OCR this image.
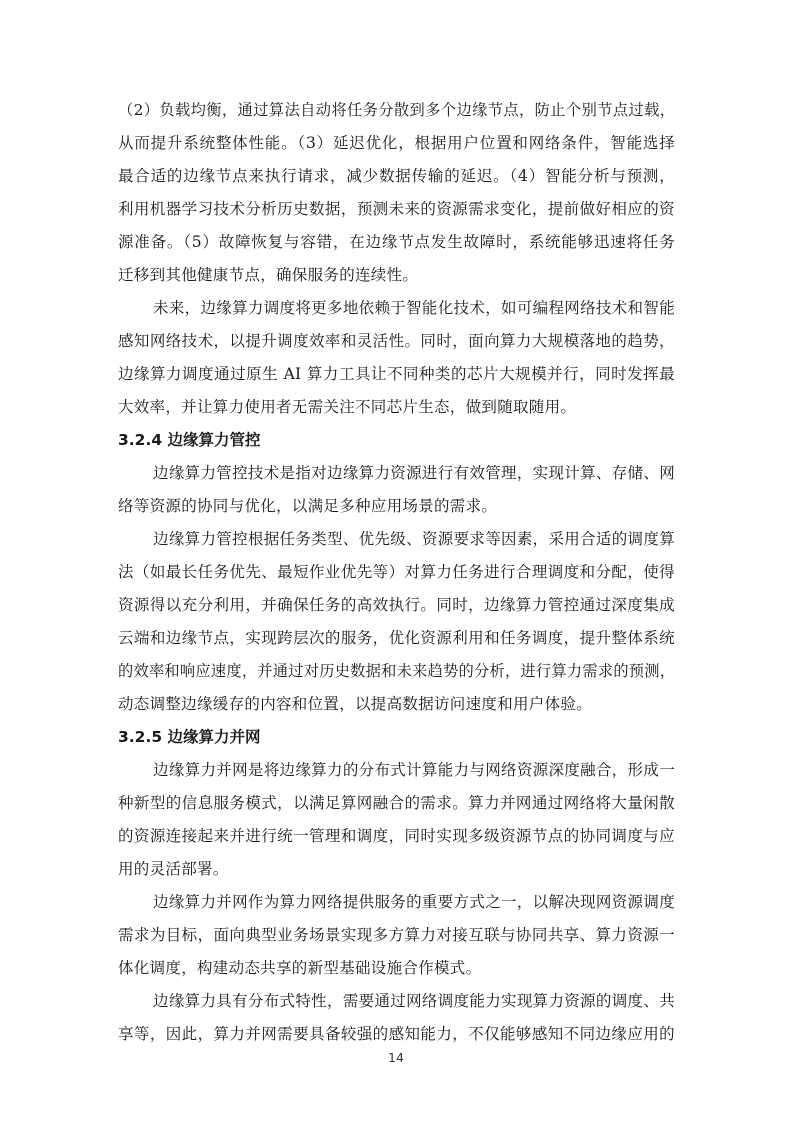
（2）负载均衡，通过算法自动将任务分散到多个边缘节点，防止个别节点过载，
从而提升系统整体性能。（3）延迟优化，根据用户位置和网络条件，智能选择
最合适的边缘节点来执行请求，减少数据传输的延迟。（4）智能分析与预测，
利用机器学习技术分析历史数据，预测未来的资源需求变化，提前做好相应的资
源准备。（5）故障恢复与容错，在边缘节点发生故障时，系统能够迅速将任务
迁移到其他健康节点，确保服务的连续性。
未来，边缘算力调度将更多地依赖于智能化技术，如可编程网络技术和智能
感知网络技术，以提升调度效率和灵活性。同时，面向算力大规模落地的趋势，
边缘算力调度通过原生 AI 算力工具让不同种类的芯片大规模并行，同时发挥最
大效率，并让算力使用者无需关注不同芯片生态，做到随取随用。
3.2.4 边缘算力管控
边缘算力管控技术是指对边缘算力资源进行有效管理，实现计算、存储、网
络等资源的协同与优化，以满足多种应用场景的需求。
边缘算力管控根据任务类型、优先级、资源要求等因素，采用合适的调度算
法（如最长任务优先、最短作业优先等）对算力任务进行合理调度和分配，使得
资源得以充分利用，并确保任务的高效执行。同时，边缘算力管控通过深度集成
云端和边缘节点，实现跨层次的服务，优化资源利用和任务调度，提升整体系统
的效率和响应速度，并通过对历史数据和未来趋势的分析，进行算力需求的预测，
动态调整边缘缓存的内容和位置，以提高数据访问速度和用户体验。
3.2.5 边缘算力并网
边缘算力并网是将边缘算力的分布式计算能力与网络资源深度融合，形成一
种新型的信息服务模式，以满足算网融合的需求。算力并网通过网络将大量闲散
的资源连接起来并进行统一管理和调度，同时实现多级资源节点的协同调度与应
用的灵活部署。
边缘算力并网作为算力网络提供服务的重要方式之一，以解决现网资源调度
需求为目标，面向典型业务场景实现多方算力对接互联与协同共享、算力资源一
体化调度，构建动态共享的新型基础设施合作模式。
边缘算力具有分布式特性，需要通过网络调度能力实现算力资源的调度、共
享等，因此，算力并网需要具备较强的感知能力，不仅能够感知不同边缘应用的
14
